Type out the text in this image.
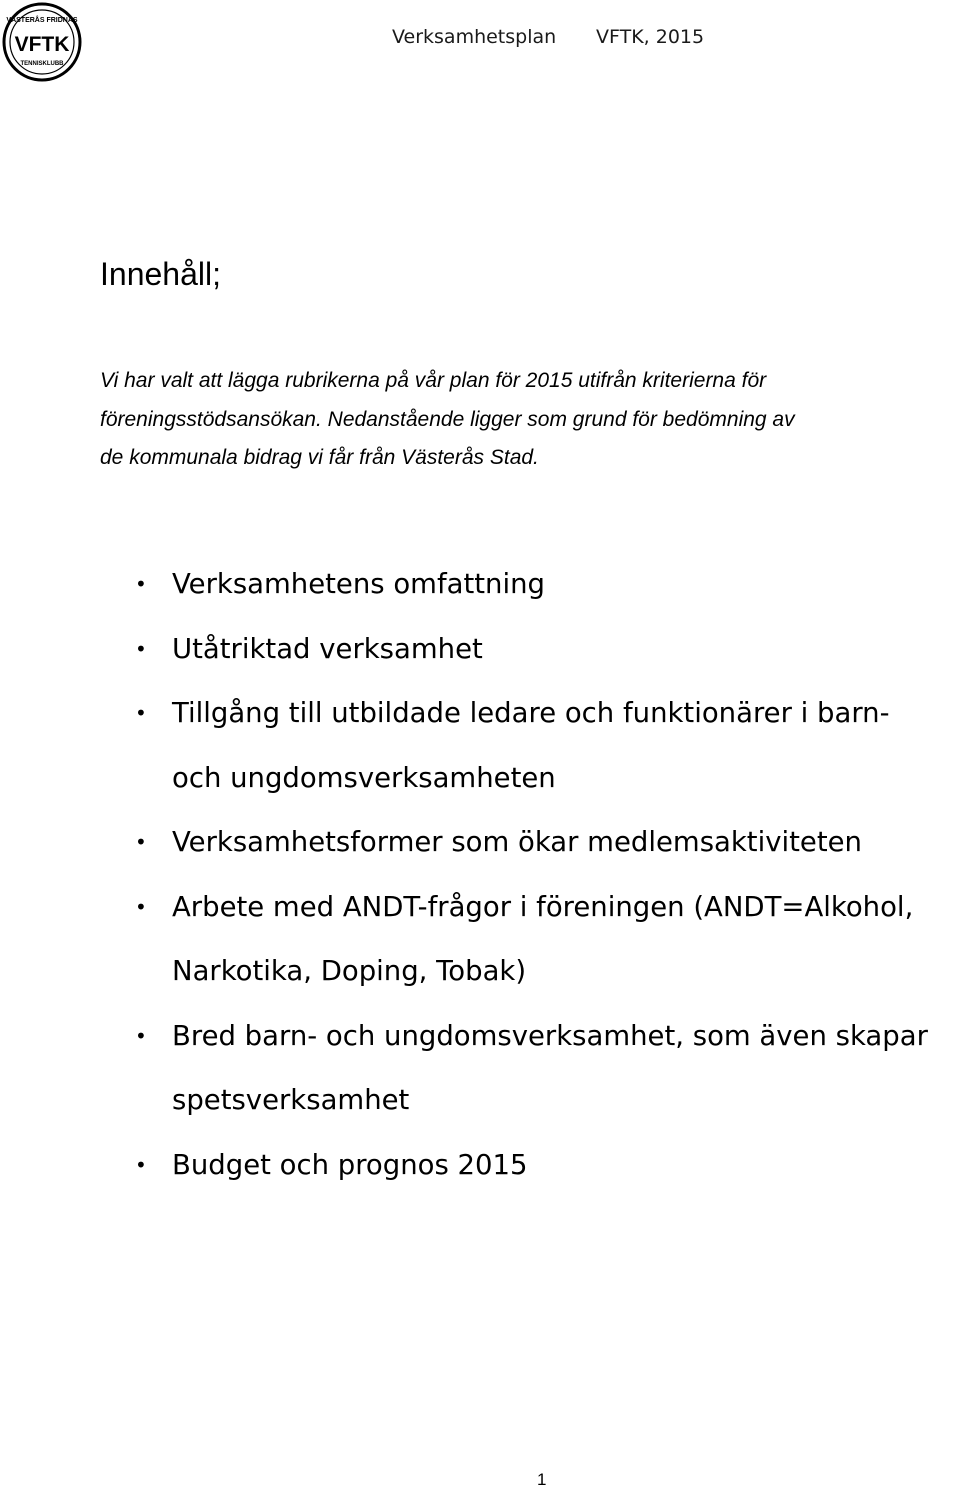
VÄSTERÅS FRIDNÄS
VFTK
TENNISKLUBB
Verksamhetsplan VFTK, 2015
Innehåll;

Vi har valt att lägga rubrikerna på vår plan för 2015 utifrån kriterierna för
föreningsstödsansökan. Nedanstående ligger som grund för bedömning av
de kommunala bidrag vi får från Västerås Stad.

• Verksamhetens omfattning
• Utåtriktad verksamhet
• Tillgång till utbildade ledare och funktionärer i barn-
och ungdomsverksamheten
• Verksamhetsformer som ökar medlemsaktiviteten
• Arbete med ANDT-frågor i föreningen (ANDT=Alkohol,
Narkotika, Doping, Tobak)
• Bred barn- och ungdomsverksamhet, som även skapar
spetsverksamhet
• Budget och prognos 2015
1
